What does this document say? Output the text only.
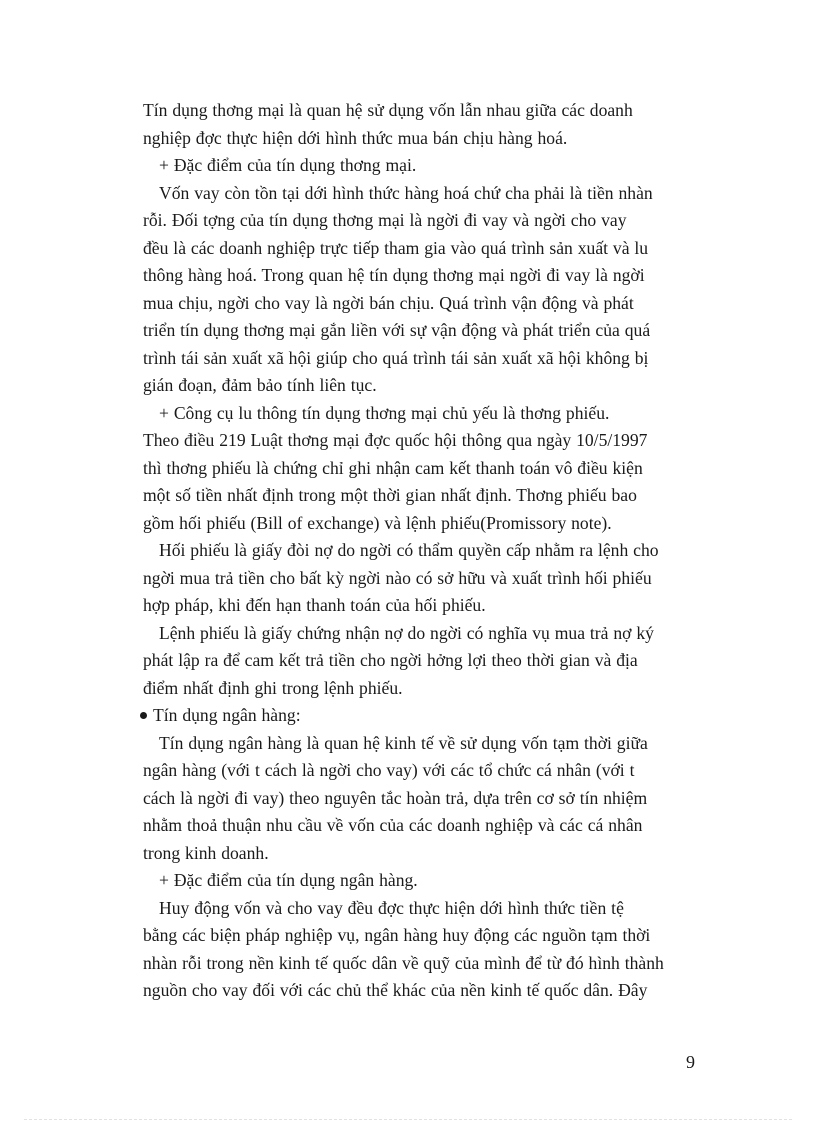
Tín dụng thơng mại là quan hệ sử dụng vốn lẫn nhau giữa các doanh
nghiệp đợc thực hiện dới hình thức mua bán chịu hàng hoá.
+ Đặc điểm của tín dụng thơng mại.
Vốn vay còn tồn tại dới hình thức hàng hoá chứ cha phải là tiền nhàn
rỗi. Đối tợng của tín dụng thơng mại là ngời đi vay và ngời cho vay
đều là các doanh nghiệp trực tiếp tham gia vào quá trình sản xuất và lu
thông hàng hoá. Trong quan hệ tín dụng thơng mại ngời đi vay là ngời
mua chịu, ngời cho vay là ngời bán chịu. Quá trình vận động và phát
triển tín dụng thơng mại gắn liền với sự vận động và phát triển của quá
trình tái sản xuất xã hội giúp cho quá trình tái sản xuất xã hội không bị
gián đoạn, đảm bảo tính liên tục.
+ Công cụ lu thông tín dụng thơng mại chủ yếu là thơng phiếu.
Theo điều 219 Luật thơng mại đợc quốc hội thông qua ngày 10/5/1997
thì thơng phiếu là chứng chỉ ghi nhận cam kết thanh toán vô điều kiện
một số tiền nhất định trong một thời gian nhất định. Thơng phiếu bao
gồm hối phiếu (Bill of exchange) và lệnh phiếu(Promissory note).
Hối phiếu là giấy đòi nợ do ngời có thẩm quyền cấp nhằm ra lệnh cho
ngời mua trả tiền cho bất kỳ ngời nào có sở hữu và xuất trình hối phiếu
hợp pháp, khi đến hạn thanh toán của hối phiếu.
Lệnh phiếu là giấy chứng nhận nợ do ngời có nghĩa vụ mua trả nợ ký
phát lập ra để cam kết trả tiền cho ngời hởng lợi theo thời gian và địa
điểm nhất định ghi trong lệnh phiếu.
Tín dụng ngân hàng:
Tín dụng ngân hàng là quan hệ kinh tế về sử dụng vốn tạm thời giữa
ngân hàng (với t cách là ngời cho vay) với các tổ chức cá nhân (với t
cách là ngời đi vay) theo nguyên tắc hoàn trả, dựa trên cơ sở tín nhiệm
nhằm thoả thuận nhu cầu về vốn của các doanh nghiệp và các cá nhân
trong kinh doanh.
+ Đặc điểm của tín dụng ngân hàng.
Huy động vốn và cho vay đều đợc thực hiện dới hình thức tiền tệ
bằng các biện pháp nghiệp vụ, ngân hàng huy động các nguồn tạm thời
nhàn rỗi trong nền kinh tế quốc dân về quỹ của mình để từ đó hình thành
nguồn cho vay đối với các chủ thể khác của nền kinh tế quốc dân. Đây
9
